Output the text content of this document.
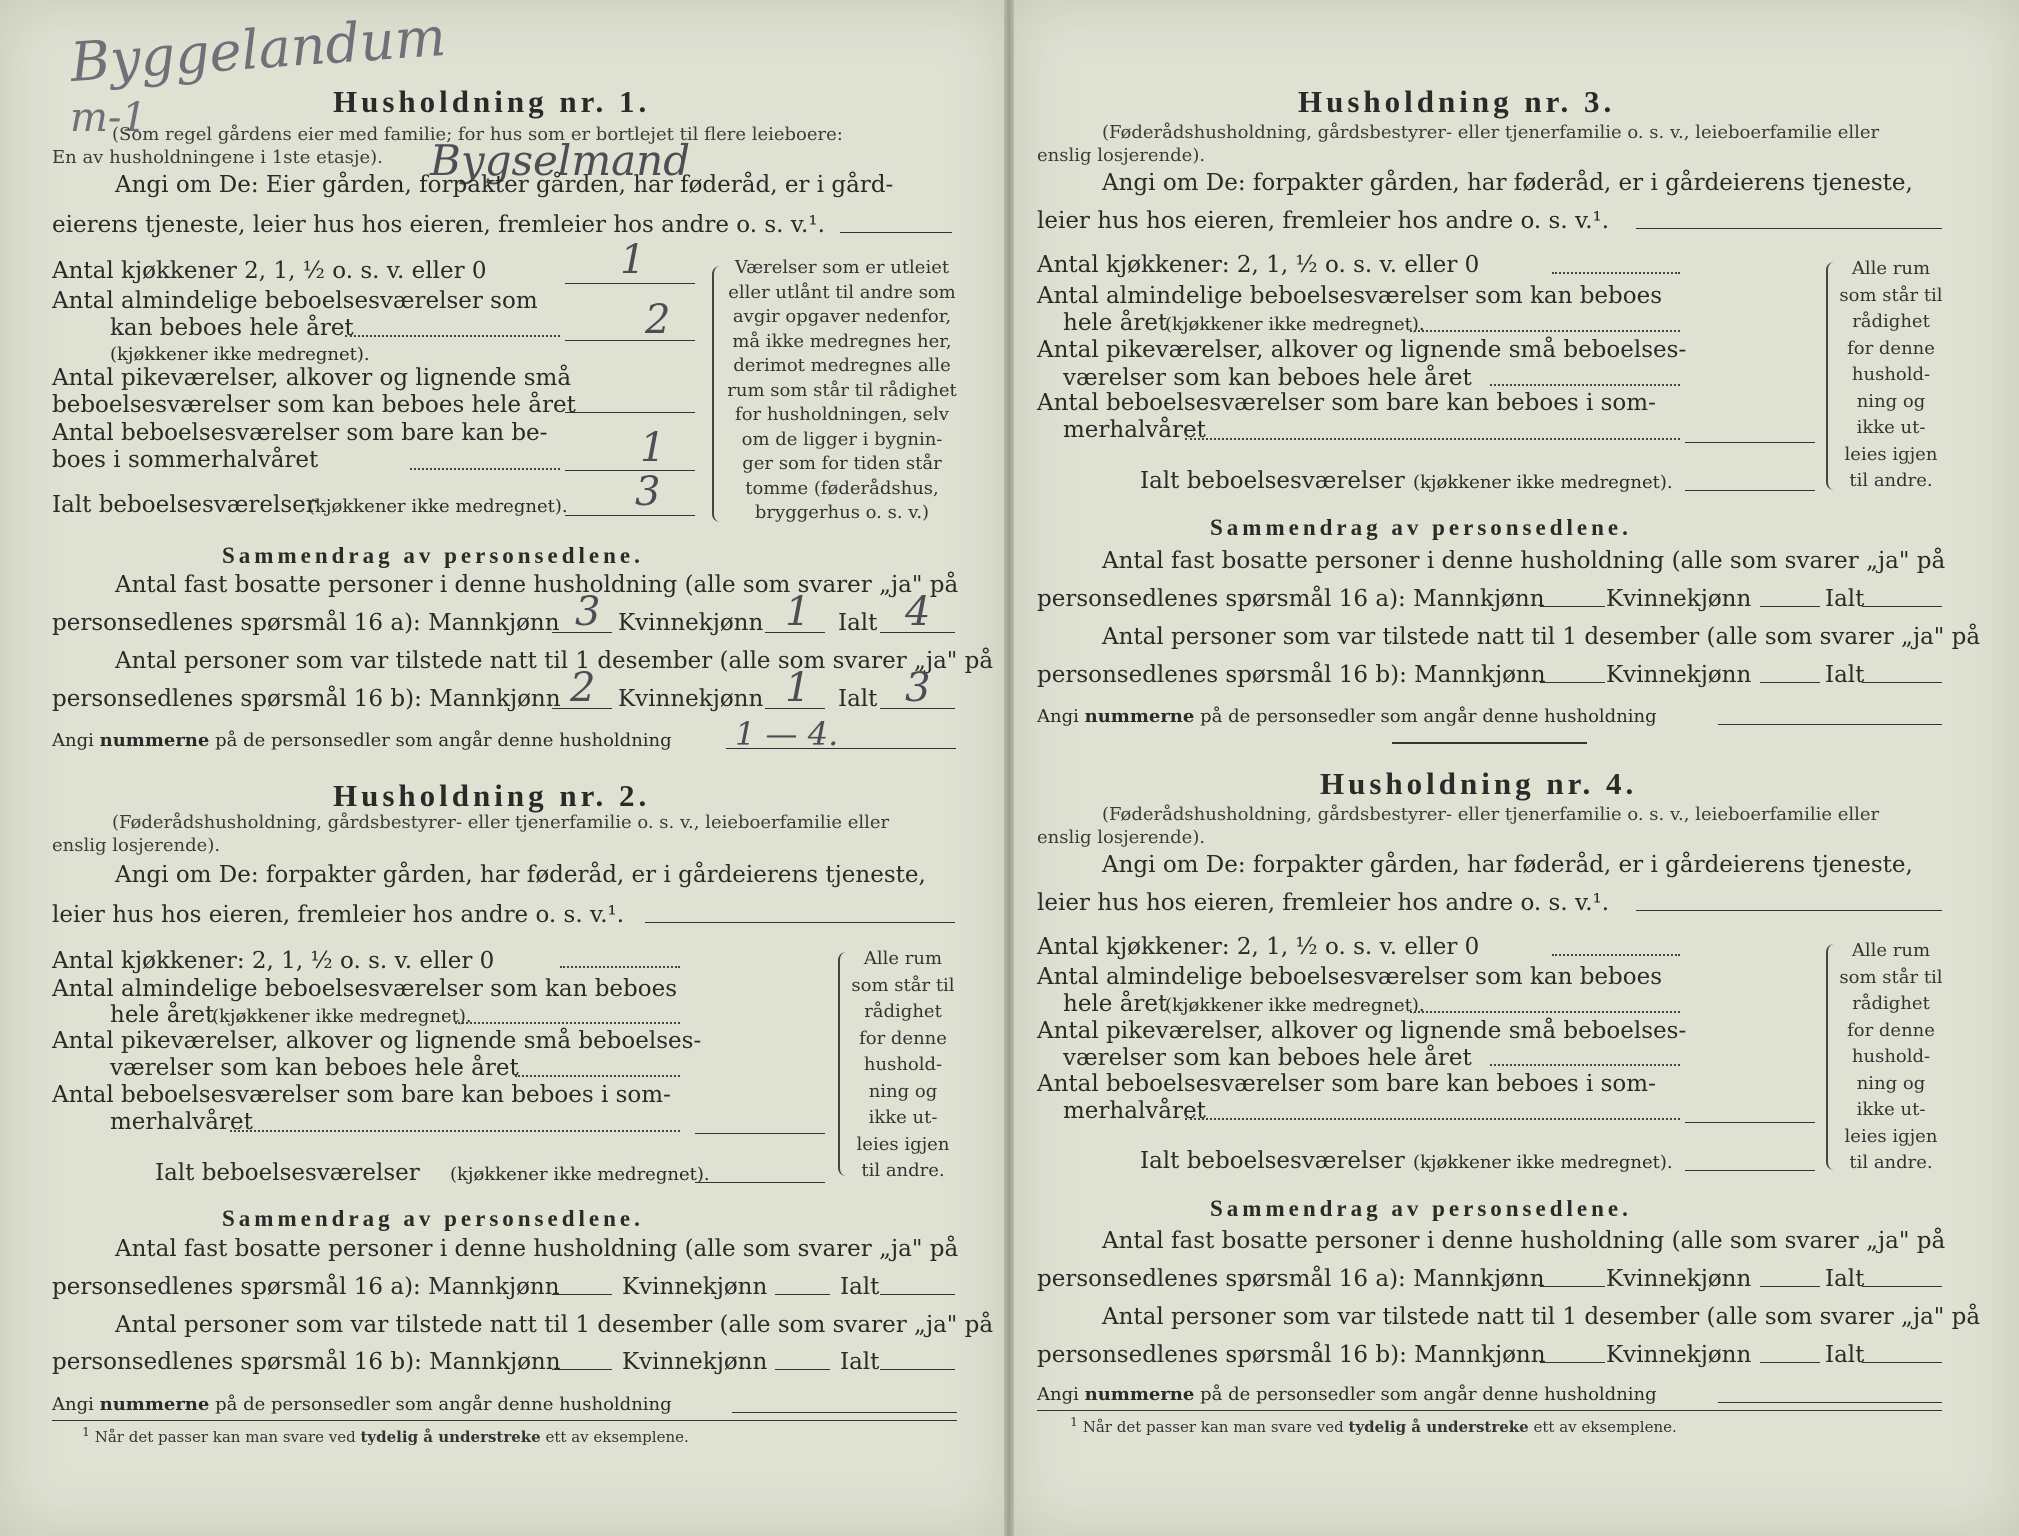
Byggelandum
m-1	Husholdning nr. 1.
(Som regel gårdens eier med familie; for hus som er bortlejet til flere leieboere:
En av husholdningene i 1ste etasje). Bygselmand
Angi om De: Eier gården, forpakter gården, har føderåd, er i gård-
eierens tjeneste, leier hus hos eieren, fremleier hos andre o. s. v.¹.
Antal kjøkkener 2, 1, ½ o. s. v. eller 0	1
Antal almindelige beboelsesværelser som
kan beboes hele året	2
(kjøkkener ikke medregnet).
Antal pikeværelser, alkover og lignende små
beboelsesværelser som kan beboes hele året
Antal beboelsesværelser som bare kan be-
boes i sommerhalvåret	1
Ialt beboelsesværelser
(kjøkkener ikke medregnet). 3
Værelser som er utleiet
eller utlånt til andre som
avgir opgaver nedenfor,
må ikke medregnes her,
derimot medregnes alle
rum som står til rådighet
for husholdningen, selv
om de ligger i bygnin-
ger som for tiden står
tomme (føderådshus,
bryggerhus o. s. v.)
Sammendrag av personsedlene.
Antal fast bosatte personer i denne husholdning (alle som svarer „ja" på
personsedlenes spørsmål 16 a): Mannkjønn 3 Kvinnekjønn 1 Ialt 4
Antal personer som var tilstede natt til 1 desember (alle som svarer „ja" på
personsedlenes spørsmål 16 b): Mannkjønn 2 Kvinnekjønn 1 Ialt 3
Angi nummerne på de personsedler som angår denne husholdning 1 — 4.
Husholdning nr. 2.
(Føderådshusholdning, gårdsbestyrer- eller tjenerfamilie o. s. v., leieboerfamilie eller
enslig losjerende).
Angi om De: forpakter gården, har føderåd, er i gårdeierens tjeneste,
leier hus hos eieren, fremleier hos andre o. s. v.¹.
Antal kjøkkener: 2, 1, ½ o. s. v. eller 0
Antal almindelige beboelsesværelser som kan beboes
hele året
(kjøkkener ikke medregnet).
Antal pikeværelser, alkover og lignende små beboelses-
værelser som kan beboes hele året
Antal beboelsesværelser som bare kan beboes i som-
merhalvåret
Ialt beboelsesværelser (kjøkkener ikke medregnet).
Alle rum
som står til
rådighet
for denne
hushold-
ning og
ikke ut-
leies igjen
til andre.
Sammendrag av personsedlene.
Antal fast bosatte personer i denne husholdning (alle som svarer „ja" på
personsedlenes spørsmål 16 a): Mannkjønn	Kvinnekjønn	Ialt
Antal personer som var tilstede natt til 1 desember (alle som svarer „ja" på
personsedlenes spørsmål 16 b): Mannkjønn	Kvinnekjønn	Ialt
Angi nummerne på de personsedler som angår denne husholdning
$^1$ Når det passer kan man svare ved tydelig å understreke ett av eksemplene.
Husholdning nr. 3.
(Føderådshusholdning, gårdsbestyrer- eller tjenerfamilie o. s. v., leieboerfamilie eller
enslig losjerende).
Angi om De: forpakter gården, har føderåd, er i gårdeierens tjeneste,
leier hus hos eieren, fremleier hos andre o. s. v.¹.
Antal kjøkkener: 2, 1, ½ o. s. v. eller 0
Antal almindelige beboelsesværelser som kan beboes
hele året
(kjøkkener ikke medregnet).
Antal pikeværelser, alkover og lignende små beboelses-
værelser som kan beboes hele året
Antal beboelsesværelser som bare kan beboes i som-
merhalvåret
Ialt beboelsesværelser (kjøkkener ikke medregnet).
Alle rum
som står til
rådighet
for denne
hushold-
ning og
ikke ut-
leies igjen
til andre.
Sammendrag av personsedlene.
Antal fast bosatte personer i denne husholdning (alle som svarer „ja" på
personsedlenes spørsmål 16 a): Mannkjønn	Kvinnekjønn	Ialt
Antal personer som var tilstede natt til 1 desember (alle som svarer „ja" på
personsedlenes spørsmål 16 b): Mannkjønn	Kvinnekjønn	Ialt
Angi nummerne på de personsedler som angår denne husholdning
Husholdning nr. 4.
(Føderådshusholdning, gårdsbestyrer- eller tjenerfamilie o. s. v., leieboerfamilie eller
enslig losjerende).
Angi om De: forpakter gården, har føderåd, er i gårdeierens tjeneste,
leier hus hos eieren, fremleier hos andre o. s. v.¹.
Antal kjøkkener: 2, 1, ½ o. s. v. eller 0
Antal almindelige beboelsesværelser som kan beboes
hele året
(kjøkkener ikke medregnet).
Antal pikeværelser, alkover og lignende små beboelses-
værelser som kan beboes hele året
Antal beboelsesværelser som bare kan beboes i som-
merhalvåret
Ialt beboelsesværelser (kjøkkener ikke medregnet).
Alle rum
som står til
rådighet
for denne
hushold-
ning og
ikke ut-
leies igjen
til andre.
Sammendrag av personsedlene.
Antal fast bosatte personer i denne husholdning (alle som svarer „ja" på
personsedlenes spørsmål 16 a): Mannkjønn	Kvinnekjønn	Ialt
Antal personer som var tilstede natt til 1 desember (alle som svarer „ja" på
personsedlenes spørsmål 16 b): Mannkjønn	Kvinnekjønn	Ialt
Angi nummerne på de personsedler som angår denne husholdning
$^1$ Når det passer kan man svare ved tydelig å understreke ett av eksemplene.
